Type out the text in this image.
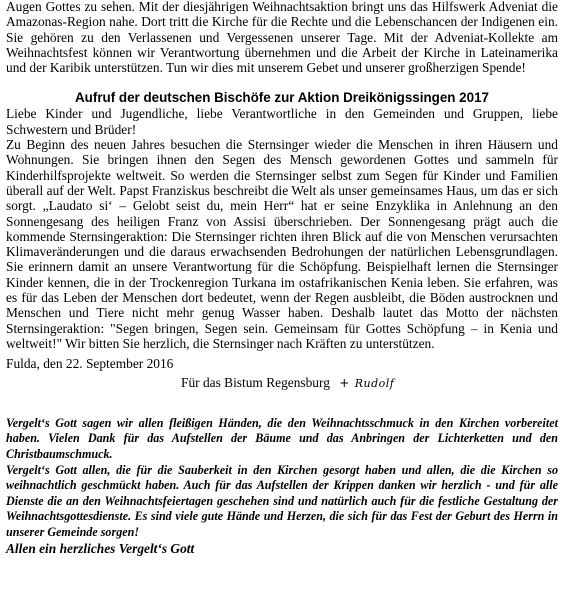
Augen Gottes zu sehen. Mit der diesjährigen Weihnachtsaktion bringt uns das Hilfswerk Adveniat die Amazonas-Region nahe. Dort tritt die Kirche für die Rechte und die Lebenschancen der Indigenen ein. Sie gehören zu den Verlassenen und Vergessenen unserer Tage. Mit der Adveniat-Kollekte am Weihnachtsfest können wir Verantwortung übernehmen und die Arbeit der Kirche in Lateinamerika und der Karibik unterstützen. Tun wir dies mit unserem Gebet und unserer großherzigen Spende!

Aufruf der deutschen Bischöfe zur Aktion Dreikönigssingen 2017

Liebe Kinder und Jugendliche, liebe Verantwortliche in den Gemeinden und Gruppen, liebe Schwestern und Brüder!

Zu Beginn des neuen Jahres besuchen die Sternsinger wieder die Menschen in ihren Häusern und Wohnungen. Sie bringen ihnen den Segen des Mensch gewordenen Gottes und sammeln für Kinderhilfsprojekte weltweit. So werden die Sternsinger selbst zum Segen für Kinder und Familien überall auf der Welt. Papst Franziskus beschreibt die Welt als unser gemeinsames Haus, um das er sich sorgt. „Laudato si‘ – Gelobt seist du, mein Herr“ hat er seine Enzyklika in Anlehnung an den Sonnengesang des heiligen Franz von Assisi überschrieben. Der Sonnengesang prägt auch die kommende Sternsingeraktion: Die Sternsinger richten ihren Blick auf die von Menschen verursachten Klimaveränderungen und die daraus erwachsenden Bedrohungen der natürlichen Lebensgrundlagen. Sie erinnern damit an unsere Verantwortung für die Schöpfung. Beispielhaft lernen die Sternsinger Kinder kennen, die in der Trockenregion Turkana im ostafrikanischen Kenia leben. Sie erfahren, was es für das Leben der Menschen dort bedeutet, wenn der Regen ausbleibt, die Böden austrocknen und Menschen und Tiere nicht mehr genug Wasser haben. Deshalb lautet das Motto der nächsten Sternsingeraktion: "Segen bringen, Segen sein. Gemeinsam für Gottes Schöpfung – in Kenia und weltweit!" Wir bitten Sie herzlich, die Sternsinger nach Kräften zu unterstützen.

Fulda, den 22. September 2016

Für das Bistum Regensburg + Rudolf

Vergelt‘s Gott sagen wir allen fleißigen Händen, die den Weihnachtsschmuck in den Kirchen vorbereitet haben. Vielen Dank für das Aufstellen der Bäume und das Anbringen der Lichterketten und den Christbaumschmuck.

Vergelt‘s Gott allen, die für die Sauberkeit in den Kirchen gesorgt haben und allen, die die Kirchen so weihnachtlich geschmückt haben. Auch für das Aufstellen der Krippen danken wir herzlich - und für alle Dienste die an den Weihnachtsfeiertagen geschehen sind und natürlich auch für die festliche Gestaltung der Weihnachtsgottesdienste. Es sind viele gute Hände und Herzen, die sich für das Fest der Geburt des Herrn in unserer Gemeinde sorgen!

Allen ein herzliches Vergelt‘s Gott
